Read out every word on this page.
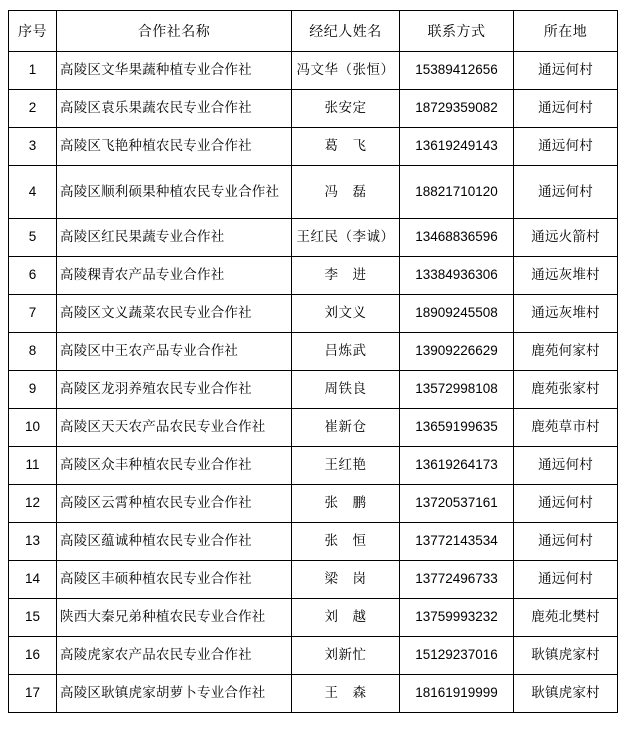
序号	合作社名称	经纪人姓名	联系方式	所在地
1	高陵区文华果蔬种植专业合作社	冯文华（张恒）	15389412656	通远何村
2	高陵区袁乐果蔬农民专业合作社	张安定	18729359082	通远何村
3	高陵区飞艳种植农民专业合作社	葛　飞	13619249143	通远何村
4	高陵区顺利硕果种植农民专业合作社	冯　磊	18821710120	通远何村
5	高陵区红民果蔬专业合作社	王红民（李诚）	13468836596	通远火箭村
6	高陵稞青农产品专业合作社	李　进	13384936306	通远灰堆村
7	高陵区文义蔬菜农民专业合作社	刘文义	18909245508	通远灰堆村
8	高陵区中王农产品专业合作社	吕炼武	13909226629	鹿苑何家村
9	高陵区龙羽养殖农民专业合作社	周铁良	13572998108	鹿苑张家村
10	高陵区天天农产品农民专业合作社	崔新仓	13659199635	鹿苑草市村
11	高陵区众丰种植农民专业合作社	王红艳	13619264173	通远何村
12	高陵区云霄种植农民专业合作社	张　鹏	13720537161	通远何村
13	高陵区蕴诚种植农民专业合作社	张　恒	13772143534	通远何村
14	高陵区丰硕种植农民专业合作社	梁　岗	13772496733	通远何村
15	陕西大秦兄弟种植农民专业合作社	刘　越	13759993232	鹿苑北樊村
16	高陵虎家农产品农民专业合作社	刘新忙	15129237016	耿镇虎家村
17	高陵区耿镇虎家胡萝卜专业合作社	王　森	18161919999	耿镇虎家村
